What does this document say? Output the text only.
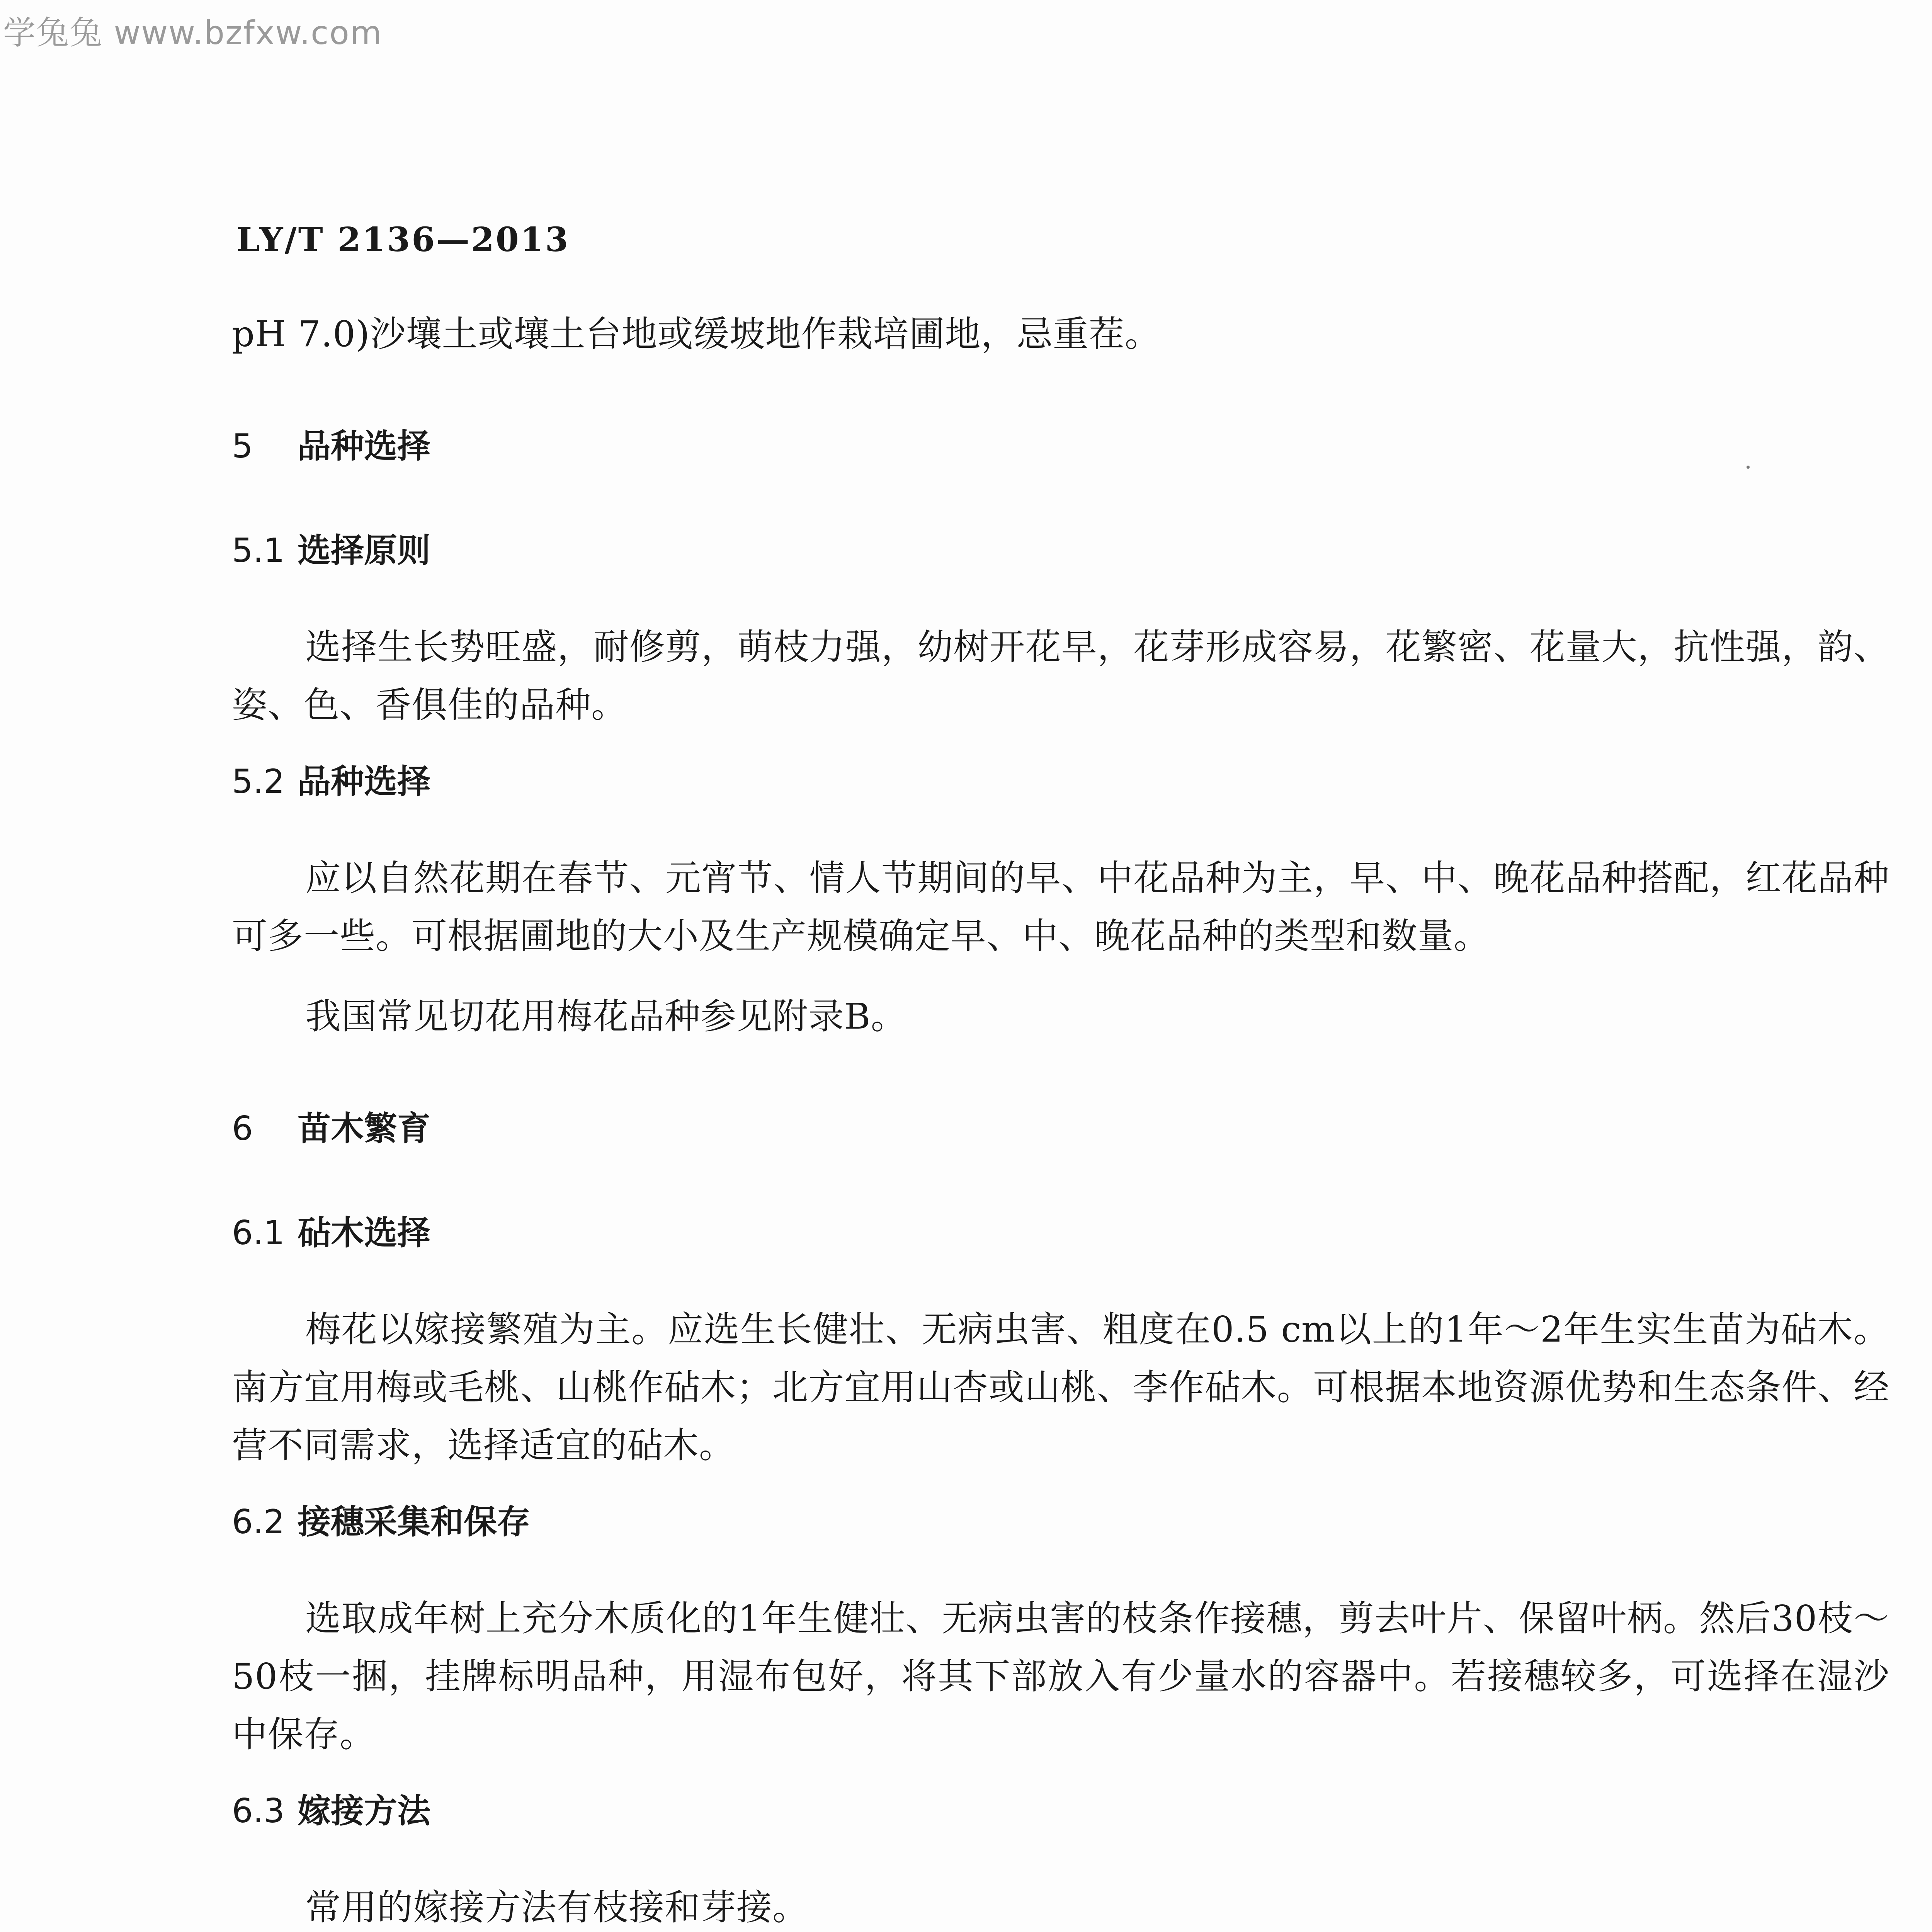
学兔兔 www.bzfxw.com
LY/T 2136—2013
pH 7.0)沙壤土或壤土台地或缓坡地作栽培圃地，忌重茬。
5 品种选择
5.1 选择原则
选择生长势旺盛，耐修剪，萌枝力强，幼树开花早，花芽形成容易，花繁密、花量大，抗性强，韵、姿、色、香俱佳的品种。
5.2 品种选择
应以自然花期在春节、元宵节、情人节期间的早、中花品种为主，早、中、晚花品种搭配，红花品种可多一些。可根据圃地的大小及生产规模确定早、中、晚花品种的类型和数量。
我国常见切花用梅花品种参见附录B。
6 苗木繁育
6.1 砧木选择
梅花以嫁接繁殖为主。应选生长健壮、无病虫害、粗度在0.5 cm以上的1年～2年生实生苗为砧木。南方宜用梅或毛桃、山桃作砧木；北方宜用山杏或山桃、李作砧木。可根据本地资源优势和生态条件、经营不同需求，选择适宜的砧木。
6.2 接穗采集和保存
选取成年树上充分木质化的1年生健壮、无病虫害的枝条作接穗，剪去叶片、保留叶柄。然后30枝～50枝一捆，挂牌标明品种，用湿布包好，将其下部放入有少量水的容器中。若接穗较多，可选择在湿沙中保存。
6.3 嫁接方法
常用的嫁接方法有枝接和芽接。
